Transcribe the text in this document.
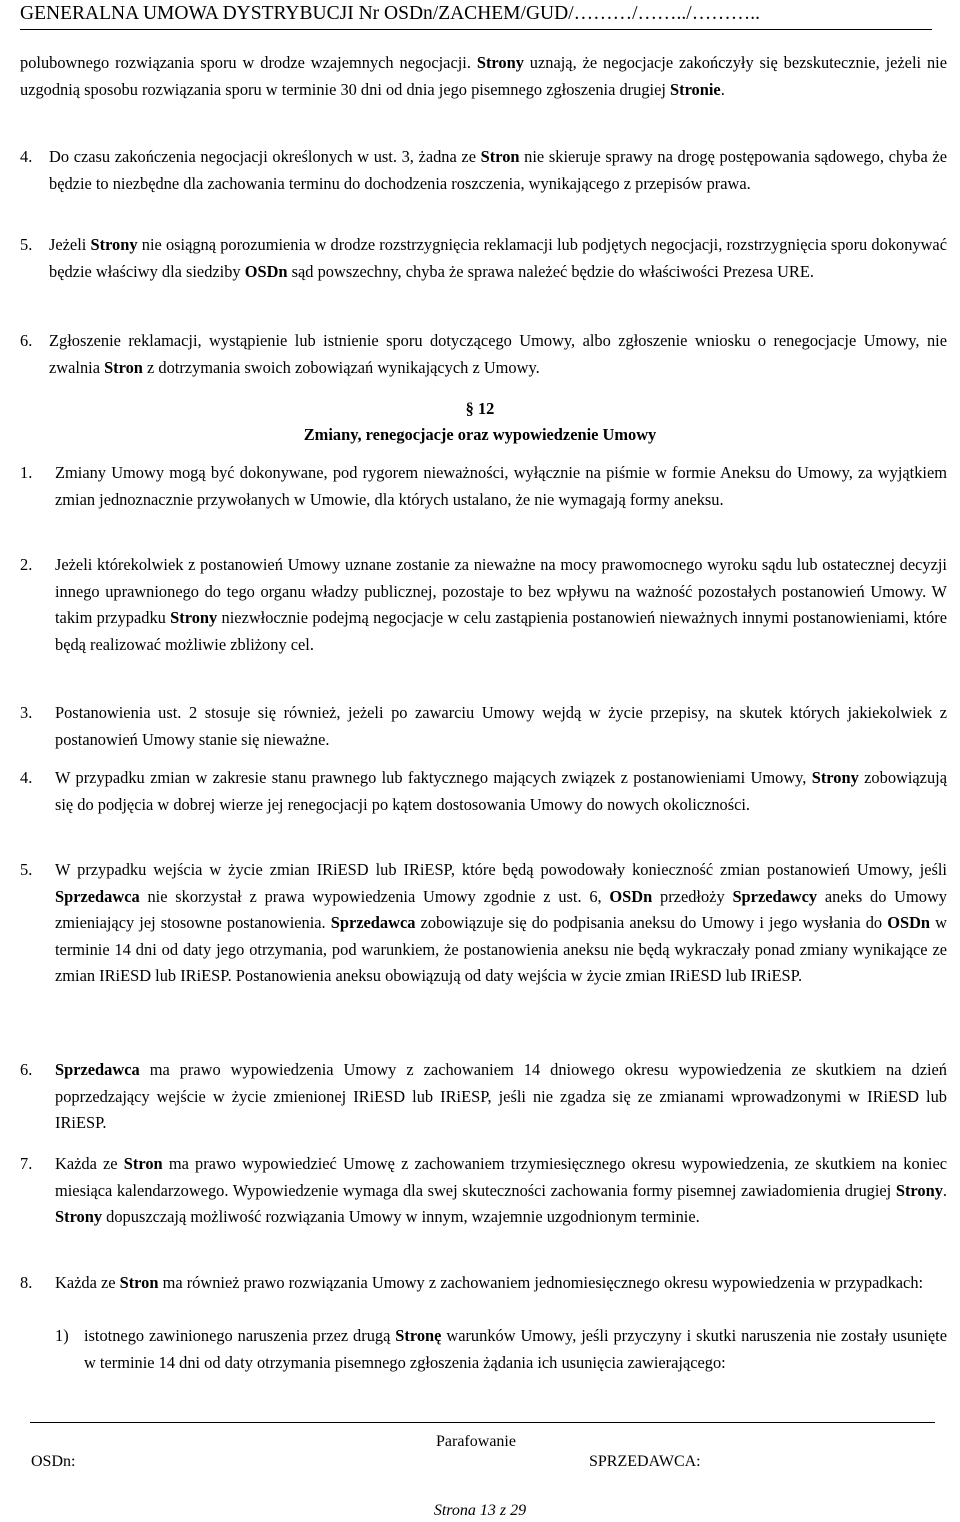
GENERALNA UMOWA DYSTRYBUCJI Nr OSDn/ZACHEM/GUD/………/……../………..
polubownego rozwiązania sporu w drodze wzajemnych negocjacji. Strony uznają, że negocjacje zakończyły się bezskutecznie, jeżeli nie uzgodnią sposobu rozwiązania sporu w terminie 30 dni od dnia jego pisemnego zgłoszenia drugiej Stronie.
4. Do czasu zakończenia negocjacji określonych w ust. 3, żadna ze Stron nie skieruje sprawy na drogę postępowania sądowego, chyba że będzie to niezbędne dla zachowania terminu do dochodzenia roszczenia, wynikającego z przepisów prawa.
5. Jeżeli Strony nie osiągną porozumienia w drodze rozstrzygnięcia reklamacji lub podjętych negocjacji, rozstrzygnięcia sporu dokonywać będzie właściwy dla siedziby OSDn sąd powszechny, chyba że sprawa należeć będzie do właściwości Prezesa URE.
6. Zgłoszenie reklamacji, wystąpienie lub istnienie sporu dotyczącego Umowy, albo zgłoszenie wniosku o renegocjacje Umowy, nie zwalnia Stron z dotrzymania swoich zobowiązań wynikających z Umowy.
§ 12
Zmiany, renegocjacje oraz wypowiedzenie Umowy
1. Zmiany Umowy mogą być dokonywane, pod rygorem nieważności, wyłącznie na piśmie w formie Aneksu do Umowy, za wyjątkiem zmian jednoznacznie przywołanych w Umowie, dla których ustalano, że nie wymagają formy aneksu.
2. Jeżeli którekolwiek z postanowień Umowy uznane zostanie za nieważne na mocy prawomocnego wyroku sądu lub ostatecznej decyzji innego uprawnionego do tego organu władzy publicznej, pozostaje to bez wpływu na ważność pozostałych postanowień Umowy. W takim przypadku Strony niezwłocznie podejmą negocjacje w celu zastąpienia postanowień nieważnych innymi postanowieniami, które będą realizować możliwie zbliżony cel.
3. Postanowienia ust. 2 stosuje się również, jeżeli po zawarciu Umowy wejdą w życie przepisy, na skutek których jakiekolwiek z postanowień Umowy stanie się nieważne.
4. W przypadku zmian w zakresie stanu prawnego lub faktycznego mających związek z postanowieniami Umowy, Strony zobowiązują się do podjęcia w dobrej wierze jej renegocjacji po kątem dostosowania Umowy do nowych okoliczności.
5. W przypadku wejścia w życie zmian IRiESD lub IRiESP, które będą powodowały konieczność zmian postanowień Umowy, jeśli Sprzedawca nie skorzystał z prawa wypowiedzenia Umowy zgodnie z ust. 6, OSDn przedłoży Sprzedawcy aneks do Umowy zmieniający jej stosowne postanowienia. Sprzedawca zobowiązuje się do podpisania aneksu do Umowy i jego wysłania do OSDn w terminie 14 dni od daty jego otrzymania, pod warunkiem, że postanowienia aneksu nie będą wykraczały ponad zmiany wynikające ze zmian IRiESD lub IRiESP. Postanowienia aneksu obowiązują od daty wejścia w życie zmian IRiESD lub IRiESP.
6. Sprzedawca ma prawo wypowiedzenia Umowy z zachowaniem 14 dniowego okresu wypowiedzenia ze skutkiem na dzień poprzedzający wejście w życie zmienionej IRiESD lub IRiESP, jeśli nie zgadza się ze zmianami wprowadzonymi w IRiESD lub IRiESP.
7. Każda ze Stron ma prawo wypowiedzieć Umowę z zachowaniem trzymiesięcznego okresu wypowiedzenia, ze skutkiem na koniec miesiąca kalendarzowego. Wypowiedzenie wymaga dla swej skuteczności zachowania formy pisemnej zawiadomienia drugiej Strony. Strony dopuszczają możliwość rozwiązania Umowy w innym, wzajemnie uzgodnionym terminie.
8. Każda ze Stron ma również prawo rozwiązania Umowy z zachowaniem jednomiesięcznego okresu wypowiedzenia w przypadkach:
1) istotnego zawinionego naruszenia przez drugą Stronę warunków Umowy, jeśli przyczyny i skutki naruszenia nie zostały usunięte w terminie 14 dni od daty otrzymania pisemnego zgłoszenia żądania ich usunięcia zawierającego:
Parafowanie
OSDn:	SPRZEDAWCA:
Strona 13 z 29
